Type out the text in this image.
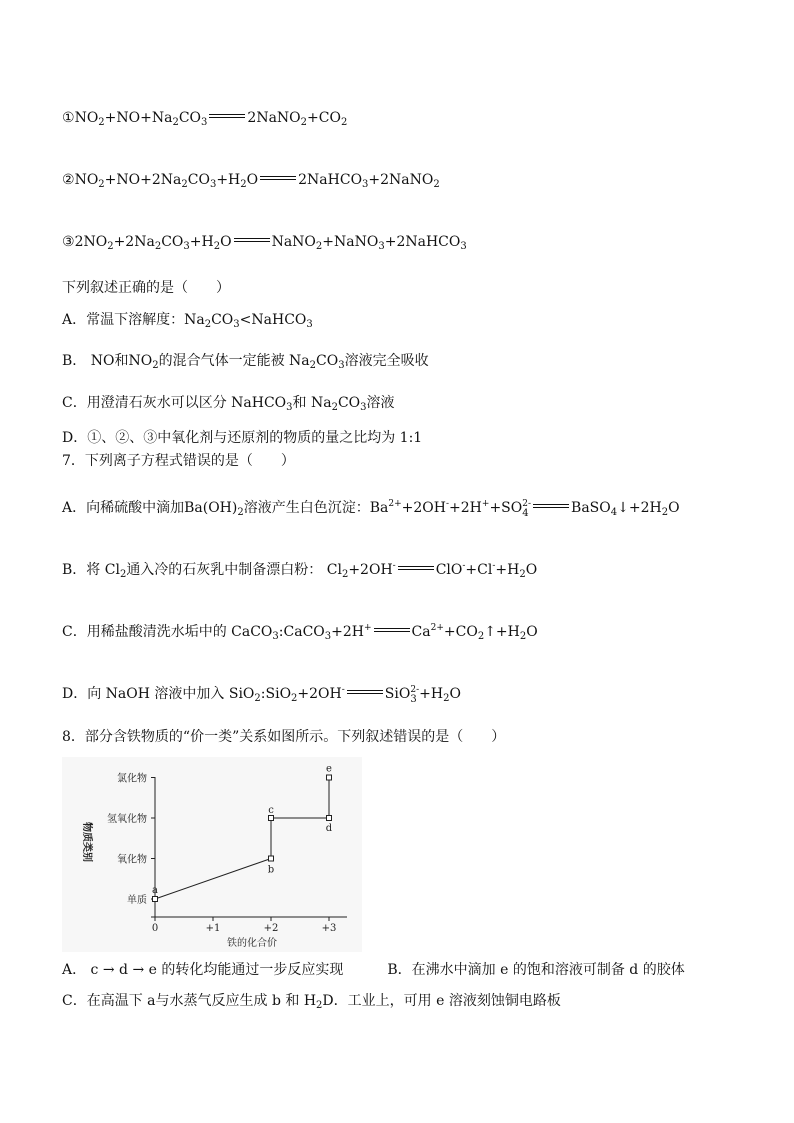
$①NO_2+NO+Na_2CO_3$	$2NaNO_2+CO_2$
$②NO_2+NO+2Na_2CO_3+H_2O$	2NaHCO$_3$+2NaNO$_2$
$③2NO_2+2Na_2CO_3+H_2O$	NaNO$_2$+NaNO$_3$+2NaHCO$_3$
下列叙述正确的是（　　）
A．常温下溶解度：$Na_2CO_3<NaHCO_3$
B． NO和$NO_2$的混合气体一定能被 $Na_2CO_3$溶液完全吸收
C．用澄清石灰水可以区分 NaHCO$_3$和 $Na_2CO_3$溶液
D．①、②、③中氧化剂与还原剂的物质的量之比均为 1:1
7．下列离子方程式错误的是（　　）
A．向稀硫酸中滴加$Ba(OH)_2$溶液产生白色沉淀：$Ba^{2+}+2OH^-+2H^++SO$ 2-
4	$BaSO_4↓+2H_2O$
B．将 $Cl_2$通入冷的石灰乳中制备漂白粉： $Cl_2+2OH^-$	$ClO^-+Cl^-+H_2O$
C．用稀盐酸清洗水垢中的 CaCO$_3$:CaCO$_3$+2H+	$Ca^{2+}+CO_2↑+H_2O$
D．向 NaOH 溶液中加入 SiO$_2$:SiO$_2$+2OH-	SiO 2-
$3 +H_2O$
8．部分含铁物质的“价一类”关系如图所示。下列叙述错误的是（　　）
单质
氧化物
氢氧化物
氯化物
0	+1	+2	+3
铁的化合价
物质类别
a
b
c
d
e
A． c → d → e 的转化均能通过一步反应实现	B．在沸水中滴加 e 的饱和溶液可制备 d 的胶体
C．在高温下 a与水蒸气反应生成 b 和 $H_2D$．工业上，可用 e 溶液刻蚀铜电路板
